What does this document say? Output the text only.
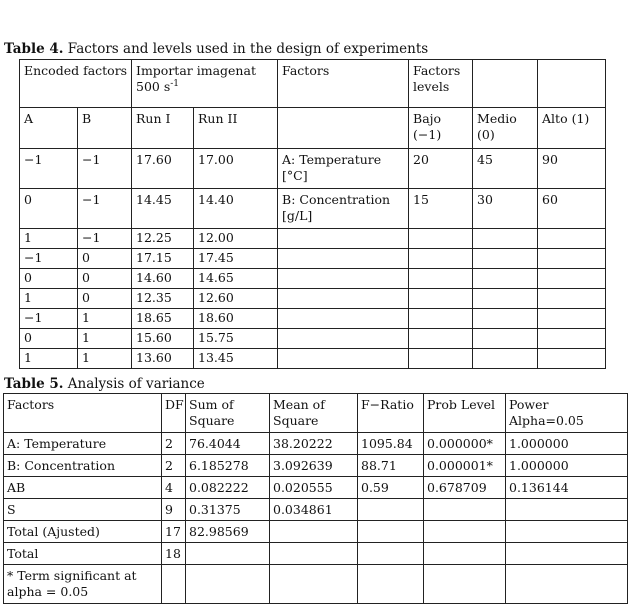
Table 4. Factors and levels used in the design of experiments
Encoded factors		Importar imagenat
500 $s^{-1}$		Factors	Factors levels		
A	B	Run I	Run II		Bajo (−1)	Medio (0)	Alto (1)
−1	−1	17.60	17.00	A: Temperature [°C]	20	45	90
0	−1	14.45	14.40	B: Concentration [g/L]	15	30	60
1	−1	12.25	12.00				
−1	0	17.15	17.45				
0	0	14.60	14.65				
1	0	12.35	12.60				
−1	1	18.65	18.60				
0	1	15.60	15.75				
1	1	13.60	13.45				
Table 5. Analysis of variance
Factors	DF	Sum of Square	Mean of Square	F−Ratio	Prob Level	Power Alpha=0.05
A: Temperature	2	76.4044	38.20222	1095.84	0.000000*	1.000000
B: Concentration	2	6.185278	3.092639	88.71	0.000001*	1.000000
AB	4	0.082222	0.020555	0.59	0.678709	0.136144
S	9	0.31375	0.034861			
Total (Ajusted)	17	82.98569				
Total	18					
* Term significant at alpha = 0.05						
